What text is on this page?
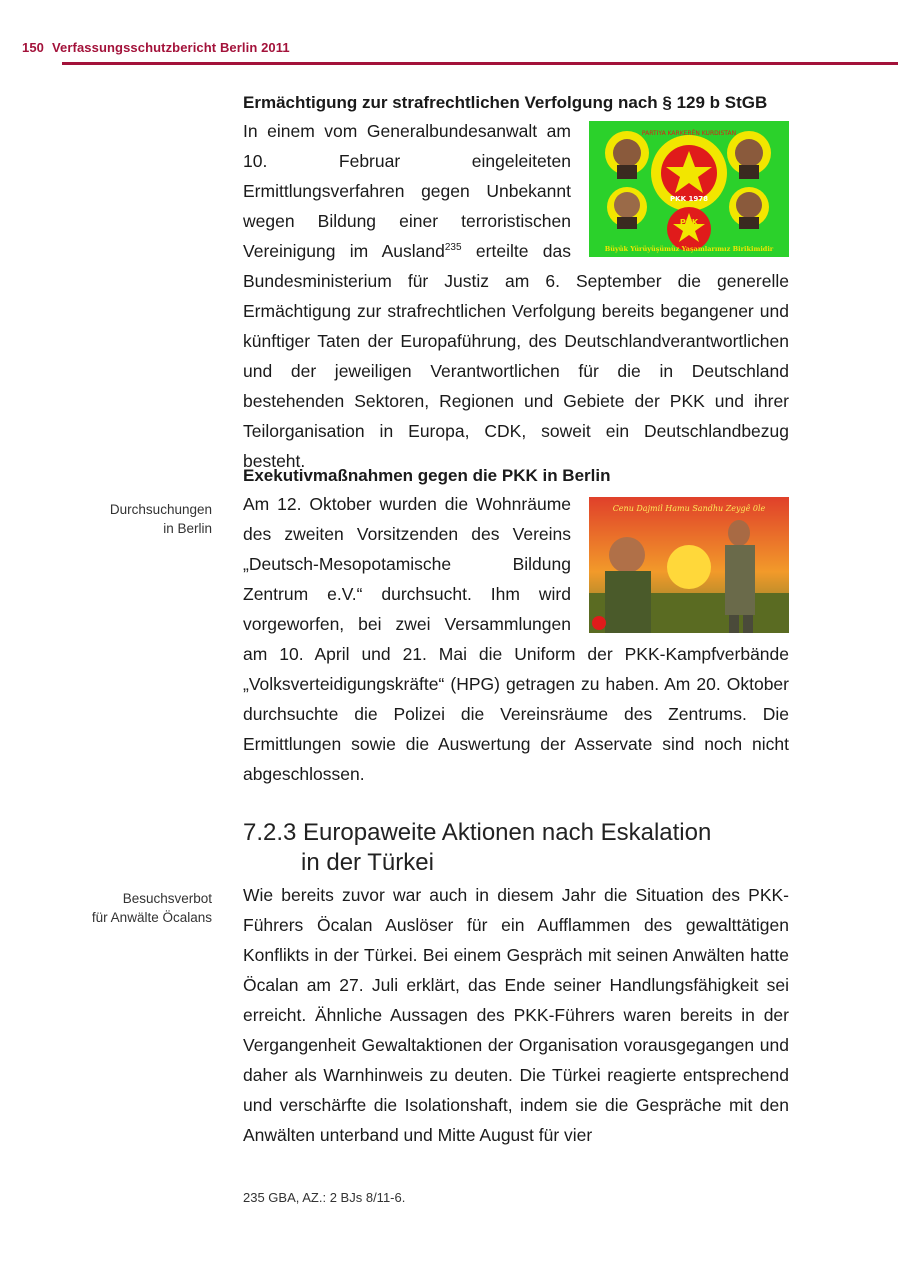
150 Verfassungsschutzbericht Berlin 2011
Ermächtigung zur strafrechtlichen Verfolgung nach § 129 b StGB
PARTIYA KARKERÊN KURDISTAN
PKK 1978
PKK
Büyük Yürüyüşümüz Yaşamlarımız Birikimidir

In einem vom Generalbundesanwalt am 10. Februar eingeleiteten Ermittlungsverfahren gegen Unbekannt wegen Bildung einer terroristischen Vereinigung im Ausland$^{235}$ erteilte das Bundesministerium für Justiz am 6. September die generelle Ermächtigung zur strafrechtlichen Verfolgung bereits begangener und künftiger Taten der Europaführung, des Deutschlandverantwortlichen und der jeweiligen Verantwortlichen für die in Deutschland bestehenden Sektoren, Regionen und Gebiete der PKK und ihrer Teilorganisation in Europa, CDK, soweit ein Deutschlandbezug besteht.

Durchsuchungen
in Berlin
Exekutivmaßnahmen gegen die PKK in Berlin
Cenu Dajmil Hamu Sandhu Zeygê 0le

Am 12. Oktober wurden die Wohnräume des zweiten Vorsitzenden des Vereins „Deutsch-Mesopotamische Bildung Zentrum e.V.“ durchsucht. Ihm wird vorgeworfen, bei zwei Versammlungen am 10. April und 21. Mai die Uniform der PKK-Kampfverbände „Volksverteidigungskräfte“ (HPG) getragen zu haben. Am 20. Oktober durchsuchte die Polizei die Vereinsräume des Zentrums. Die Ermittlungen sowie die Auswertung der Asservate sind noch nicht abgeschlossen.

7.2.3 Europaweite Aktionen nach Eskalation
in der Türkei
Besuchsverbot
für Anwälte Öcalans

Wie bereits zuvor war auch in diesem Jahr die Situation des PKK-Führers Öcalan Auslöser für ein Aufflammen des gewalttätigen Konflikts in der Türkei. Bei einem Gespräch mit seinen Anwälten hatte Öcalan am 27. Juli erklärt, das Ende seiner Handlungsfähigkeit sei erreicht. Ähnliche Aussagen des PKK-Führers waren bereits in der Vergangenheit Gewaltaktionen der Organisation vorausgegangen und daher als Warnhinweis zu deuten. Die Türkei reagierte entsprechend und verschärfte die Isolationshaft, indem sie die Gespräche mit den Anwälten unterband und Mitte August für vier

235 GBA, AZ.: 2 BJs 8/11-6.
